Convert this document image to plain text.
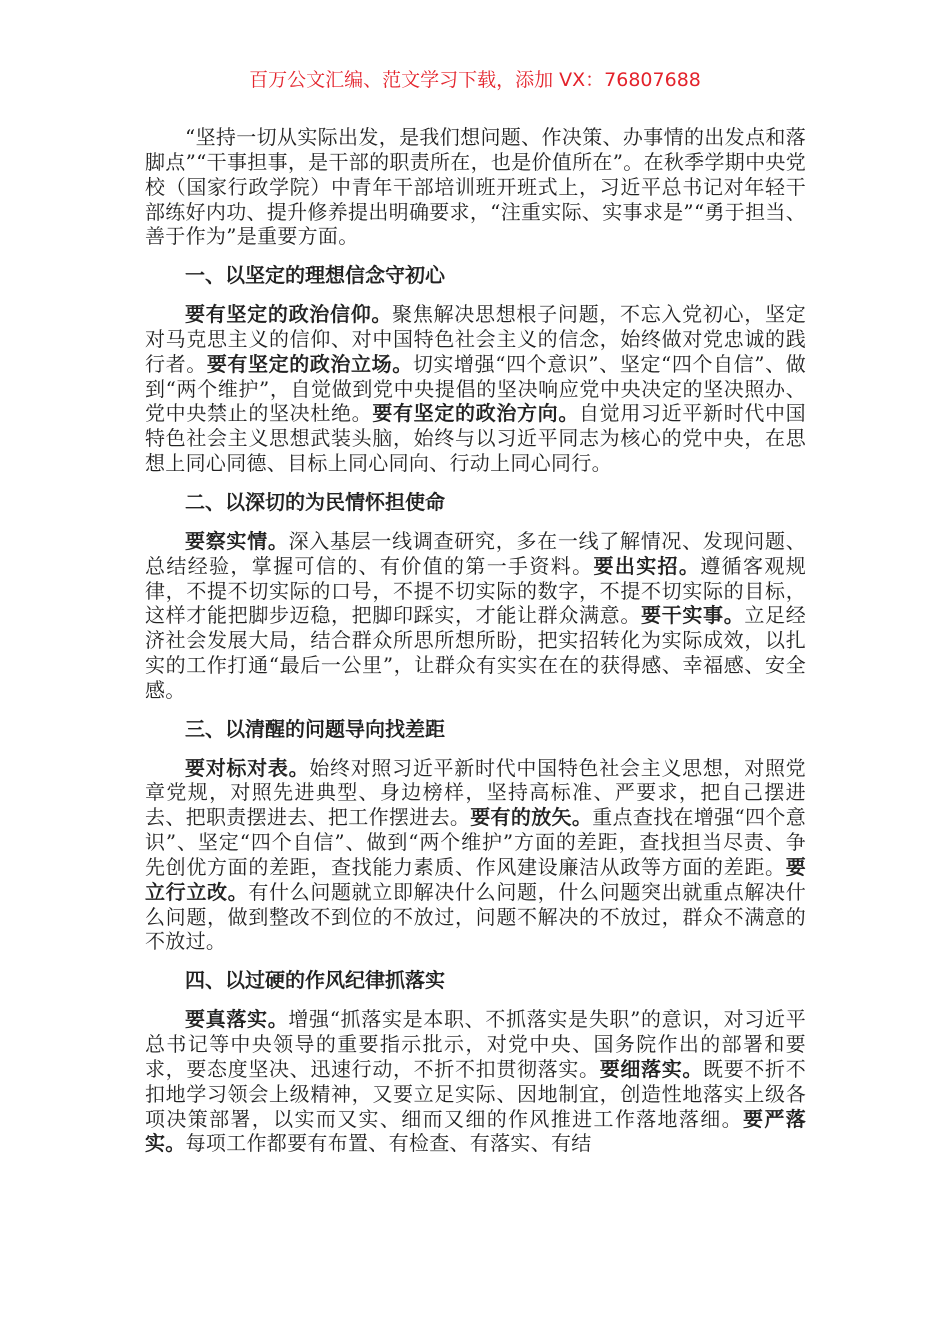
百万公文汇编、范文学习下载，添加 VX：76807688

“坚持一切从实际出发，是我们想问题、作决策、办事情的出发点和落脚点”“干事担事，是干部的职责所在，也是价值所在”。在秋季学期中央党校（国家行政学院）中青年干部培训班开班式上，习近平总书记对年轻干部练好内功、提升修养提出明确要求，“注重实际、实事求是”“勇于担当、善于作为”是重要方面。

一、以坚定的理想信念守初心

要有坚定的政治信仰。聚焦解决思想根子问题，不忘入党初心，坚定对马克思主义的信仰、对中国特色社会主义的信念，始终做对党忠诚的践行者。要有坚定的政治立场。切实增强“四个意识”、坚定“四个自信”、做到“两个维护”，自觉做到党中央提倡的坚决响应党中央决定的坚决照办、党中央禁止的坚决杜绝。要有坚定的政治方向。自觉用习近平新时代中国特色社会主义思想武装头脑，始终与以习近平同志为核心的党中央，在思想上同心同德、目标上同心同向、行动上同心同行。

二、以深切的为民情怀担使命

要察实情。深入基层一线调查研究，多在一线了解情况、发现问题、总结经验，掌握可信的、有价值的第一手资料。要出实招。遵循客观规律，不提不切实际的口号，不提不切实际的数字，不提不切实际的目标，这样才能把脚步迈稳，把脚印踩实，才能让群众满意。要干实事。立足经济社会发展大局，结合群众所思所想所盼，把实招转化为实际成效，以扎实的工作打通“最后一公里”，让群众有实实在在的获得感、幸福感、安全感。

三、以清醒的问题导向找差距

要对标对表。始终对照习近平新时代中国特色社会主义思想，对照党章党规，对照先进典型、身边榜样，坚持高标准、严要求，把自己摆进去、把职责摆进去、把工作摆进去。要有的放矢。重点查找在增强“四个意识”、坚定“四个自信”、做到“两个维护”方面的差距，查找担当尽责、争先创优方面的差距，查找能力素质、作风建设廉洁从政等方面的差距。要立行立改。有什么问题就立即解决什么问题，什么问题突出就重点解决什么问题，做到整改不到位的不放过，问题不解决的不放过，群众不满意的不放过。

四、以过硬的作风纪律抓落实

要真落实。增强“抓落实是本职、不抓落实是失职”的意识，对习近平总书记等中央领导的重要指示批示，对党中央、国务院作出的部署和要求，要态度坚决、迅速行动，不折不扣贯彻落实。要细落实。既要不折不扣地学习领会上级精神，又要立足实际、因地制宜，创造性地落实上级各项决策部署，以实而又实、细而又细的作风推进工作落地落细。要严落实。每项工作都要有布置、有检查、有落实、有结
